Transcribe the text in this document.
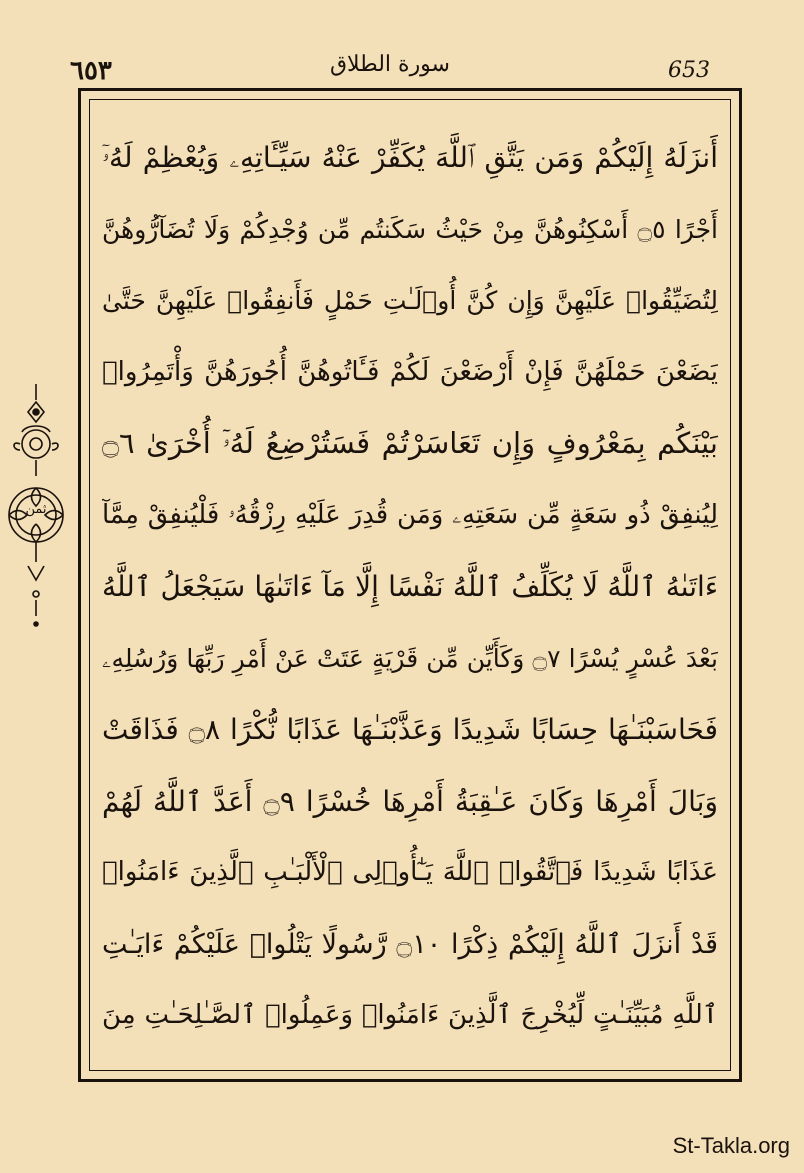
٦٥٣	سورة الطلاق	653
ثمن
أَنزَلَهُ إِلَيْكُمْ وَمَن يَتَّقِ ٱللَّهَ يُكَفِّرْ عَنْهُ سَيِّـَٔاتِهِۦ وَيُعْظِمْ لَهُۥٓ
أَجْرًا ۝٥ أَسْكِنُوهُنَّ مِنْ حَيْثُ سَكَنتُم مِّن وُجْدِكُمْ وَلَا تُضَآرُّوهُنَّ
لِتُضَيِّقُوا۟ عَلَيْهِنَّ وَإِن كُنَّ أُو۟لَـٰتِ حَمْلٍ فَأَنفِقُوا۟ عَلَيْهِنَّ حَتَّىٰ
يَضَعْنَ حَمْلَهُنَّ فَإِنْ أَرْضَعْنَ لَكُمْ فَـَٔاتُوهُنَّ أُجُورَهُنَّ وَأْتَمِرُوا۟
بَيْنَكُم بِمَعْرُوفٍ وَإِن تَعَاسَرْتُمْ فَسَتُرْضِعُ لَهُۥٓ أُخْرَىٰ ۝٦
لِيُنفِقْ ذُو سَعَةٍ مِّن سَعَتِهِۦ وَمَن قُدِرَ عَلَيْهِ رِزْقُهُۥ فَلْيُنفِقْ مِمَّآ
ءَاتَىٰهُ ٱللَّهُ لَا يُكَلِّفُ ٱللَّهُ نَفْسًا إِلَّا مَآ ءَاتَىٰهَا سَيَجْعَلُ ٱللَّهُ
بَعْدَ عُسْرٍ يُسْرًا ۝٧ وَكَأَيِّن مِّن قَرْيَةٍ عَتَتْ عَنْ أَمْرِ رَبِّهَا وَرُسُلِهِۦ
فَحَاسَبْنَـٰهَا حِسَابًا شَدِيدًا وَعَذَّبْنَـٰهَا عَذَابًا نُّكْرًا ۝٨ فَذَاقَتْ
وَبَالَ أَمْرِهَا وَكَانَ عَـٰقِبَةُ أَمْرِهَا خُسْرًا ۝٩ أَعَدَّ ٱللَّهُ لَهُمْ
عَذَابًا شَدِيدًا فَٱتَّقُوا۟ ٱللَّهَ يَـٰٓأُو۟لِى ٱلْأَلْبَـٰبِ ٱلَّذِينَ ءَامَنُوا۟
قَدْ أَنزَلَ ٱللَّهُ إِلَيْكُمْ ذِكْرًا ۝١٠ رَّسُولًا يَتْلُوا۟ عَلَيْكُمْ ءَايَـٰتِ
ٱللَّهِ مُبَيِّنَـٰتٍ لِّيُخْرِجَ ٱلَّذِينَ ءَامَنُوا۟ وَعَمِلُوا۟ ٱلصَّـٰلِحَـٰتِ مِنَ
St-Takla.org
